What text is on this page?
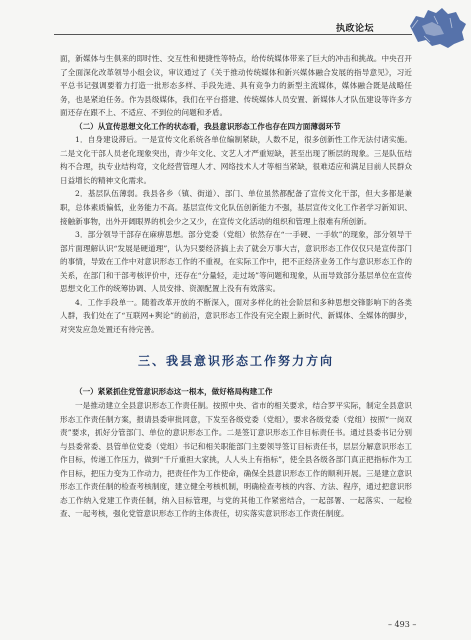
执政论坛

面，新媒体与生俱来的即时性、交互性和便捷性等特点，给传统媒体带来了巨大的冲击和挑战。中央召开了全面深化改革领导小组会议，审议通过了《关于推动传统媒体和新兴媒体融合发展的指导意见》，习近平总书记强调要着力打造一批形态多样、手段先进、具有竞争力的新型主流媒体，媒体融合既是战略任务，也是紧迫任务。作为县级媒体，我们在平台搭建、传统媒体人员安置、新媒体人才队伍建设等许多方面还存在跟不上、不适应、不到位的问题和矛盾。

（二）从宣传思想文化工作的状态看，我县意识形态工作也存在四方面薄弱环节

1．自身建设滞后。一是宣传文化系统各单位编制紧缺，人数不足，很多创新性工作无法付诸实施。二是文化干部人员老化现象突出，青少年文化、文艺人才严重短缺，甚至出现了断层的现象。三是队伍结构不合理，执专业结构弯，文化经营管理人才、网络技术人才等相当紧缺，很难适应和满足目前人民群众日益增长的精神文化需求。

2．基层队伍薄弱。我县各乡（镇、街道）、部门、单位虽然都配备了宣传文化干部，但大多都是兼职，总体素质偏低，业务能力不高。基层宣传文化队伍创新能力不强，基层宣传文化工作者学习新知识、接触新事物，出外开阔眼界的机会少之又少，在宣传文化活动的组织和管理上很难有所创新。

3．部分领导干部存在麻痹思想。部分党委（党组）依然存在“一手硬、一手软”的现象，部分领导干部片面理解认识“发展是硬道理”，认为只要经济搞上去了就会万事大吉，意识形态工作仅仅只是宣传部门的事情，导致在工作中对意识形态工作的不重视，在实际工作中，把不正经济业务工作与意识形态工作的关系，在部门和干部考核评价中，还存在“分量轻，走过场”等问题和现象，从而导致部分基层单位在宣传思想文化工作的统筹协调、人员安排、资源配置上没有有效落实。

4．工作手段单一。随着改革开放的不断深入，面对多样化的社会阶层和多种思想交锋影响下的各类人群，我们处在了“互联网+舆论”的前沿，意识形态工作没有完全跟上新时代、新媒体、全媒体的脚步，对突发应急处置还有待完善。

三、我县意识形态工作努力方向

（一）紧紧抓住党管意识形态这一根本，做好格局构建工作

一是推动建立全县意识形态工作责任制。按照中央、省市的相关要求，结合罗平实际，制定全县意识形态工作责任制方案，报请县委审批同意，下发至各级党委（党组），要求各级党委（党组）按照“一岗双责”要求，抓好分管部门、单位的意识形态工作。二是签订意识形态工作目标责任书。通过县委书记分别与县委常委、县管单位党委（党组）书记和相关职能部门主要领导签订目标责任书，层层分解意识形态工作目标，传递工作压力，做到“千斤重担大家挑，人人头上有指标”，使全县各级各部门真正把指标作为工作目标，把压力变为工作动力，把责任作为工作使命，确保全县意识形态工作的顺利开展。三是建立意识形态工作责任制的检查考核制度，建立健全考核机制，明确检查考核的内容、方法、程序，通过把意识形态工作纳入党建工作责任制，纳入目标管理，与党的其他工作紧密结合，一起部署、一起落实、一起检查、一起考核，强化党管意识形态工作的主体责任，切实落实意识形态工作责任制度。

– 493 –
